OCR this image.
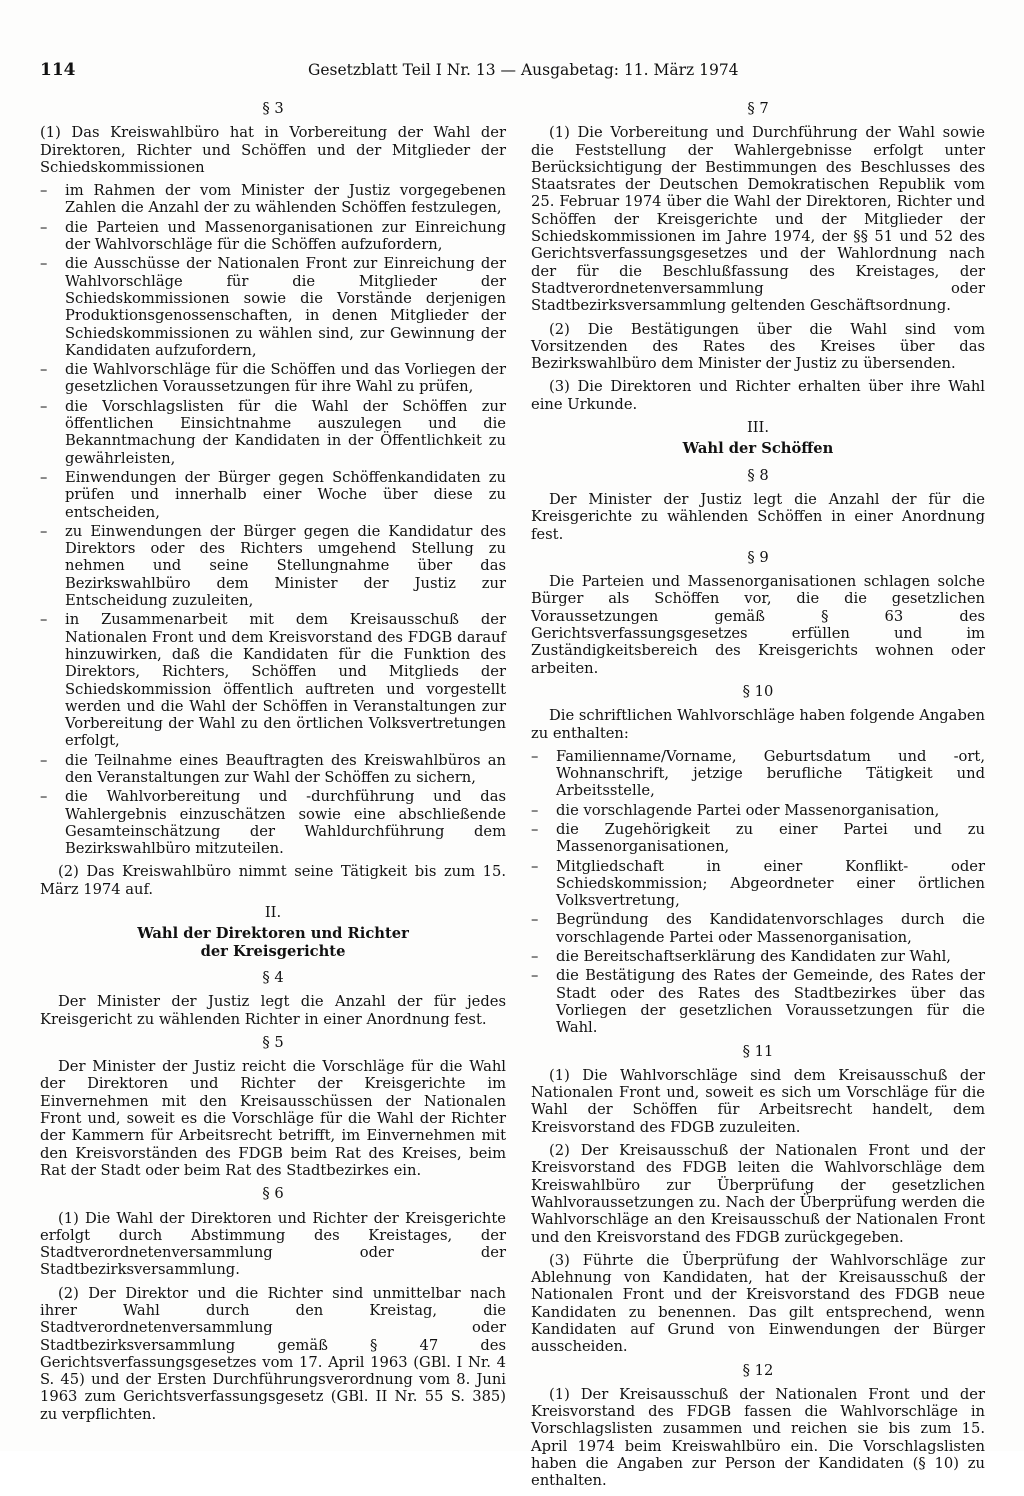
114	Gesetzblatt Teil I Nr. 13 — Ausgabetag: 11. März 1974
§ 3

(1) Das Kreiswahlbüro hat in Vorbereitung der Wahl der Direktoren, Richter und Schöffen und der Mitglieder der Schiedskommissionen

– im Rahmen der vom Minister der Justiz vorgegebenen Zahlen die Anzahl der zu wählenden Schöffen festzulegen,
– die Parteien und Massenorganisationen zur Einreichung der Wahlvorschläge für die Schöffen aufzufordern,
– die Ausschüsse der Nationalen Front zur Einreichung der Wahlvorschläge für die Mitglieder der Schiedskommissionen sowie die Vorstände derjenigen Produktionsgenossenschaften, in denen Mitglieder der Schiedskommissionen zu wählen sind, zur Gewinnung der Kandidaten aufzufordern,
– die Wahlvorschläge für die Schöffen und das Vorliegen der gesetzlichen Voraussetzungen für ihre Wahl zu prüfen,
– die Vorschlagslisten für die Wahl der Schöffen zur öffentlichen Einsichtnahme auszulegen und die Bekanntmachung der Kandidaten in der Öffentlichkeit zu gewährleisten,
– Einwendungen der Bürger gegen Schöffenkandidaten zu prüfen und innerhalb einer Woche über diese zu entscheiden,
– zu Einwendungen der Bürger gegen die Kandidatur des Direktors oder des Richters umgehend Stellung zu nehmen und seine Stellungnahme über das Bezirkswahlbüro dem Minister der Justiz zur Entscheidung zuzuleiten,
– in Zusammenarbeit mit dem Kreisausschuß der Nationalen Front und dem Kreisvorstand des FDGB darauf hinzuwirken, daß die Kandidaten für die Funktion des Direktors, Richters, Schöffen und Mitglieds der Schiedskommission öffentlich auftreten und vorgestellt werden und die Wahl der Schöffen in Veranstaltungen zur Vorbereitung der Wahl zu den örtlichen Volksvertretungen erfolgt,
– die Teilnahme eines Beauftragten des Kreiswahlbüros an den Veranstaltungen zur Wahl der Schöffen zu sichern,
– die Wahlvorbereitung und -durchführung und das Wahlergebnis einzuschätzen sowie eine abschließende Gesamteinschätzung der Wahldurchführung dem Bezirkswahlbüro mitzuteilen.

(2) Das Kreiswahlbüro nimmt seine Tätigkeit bis zum 15. März 1974 auf.

II.
Wahl der Direktoren und Richter
der Kreisgerichte
§ 4

Der Minister der Justiz legt die Anzahl der für jedes Kreisgericht zu wählenden Richter in einer Anordnung fest.

§ 5

Der Minister der Justiz reicht die Vorschläge für die Wahl der Direktoren und Richter der Kreisgerichte im Einvernehmen mit den Kreisausschüssen der Nationalen Front und, soweit es die Vorschläge für die Wahl der Richter der Kammern für Arbeitsrecht betrifft, im Einvernehmen mit den Kreisvorständen des FDGB beim Rat des Kreises, beim Rat der Stadt oder beim Rat des Stadtbezirkes ein.

§ 6

(1) Die Wahl der Direktoren und Richter der Kreisgerichte erfolgt durch Abstimmung des Kreistages, der Stadtverordnetenversammlung oder der Stadtbezirksversammlung.

(2) Der Direktor und die Richter sind unmittelbar nach ihrer Wahl durch den Kreistag, die Stadtverordnetenversammlung oder Stadtbezirksversammlung gemäß § 47 des Gerichtsverfassungsgesetzes vom 17. April 1963 (GBl. I Nr. 4 S. 45) und der Ersten Durchführungsverordnung vom 8. Juni 1963 zum Gerichtsverfassungsgesetz (GBl. II Nr. 55 S. 385) zu verpflichten.

§ 7

(1) Die Vorbereitung und Durchführung der Wahl sowie die Feststellung der Wahlergebnisse erfolgt unter Berücksichtigung der Bestimmungen des Beschlusses des Staatsrates der Deutschen Demokratischen Republik vom 25. Februar 1974 über die Wahl der Direktoren, Richter und Schöffen der Kreisgerichte und der Mitglieder der Schiedskommissionen im Jahre 1974, der §§ 51 und 52 des Gerichtsverfassungsgesetzes und der Wahlordnung nach der für die Beschlußfassung des Kreistages, der Stadtverordnetenversammlung oder Stadtbezirksversammlung geltenden Geschäftsordnung.

(2) Die Bestätigungen über die Wahl sind vom Vorsitzenden des Rates des Kreises über das Bezirkswahlbüro dem Minister der Justiz zu übersenden.

(3) Die Direktoren und Richter erhalten über ihre Wahl eine Urkunde.

III.
Wahl der Schöffen
§ 8

Der Minister der Justiz legt die Anzahl der für die Kreisgerichte zu wählenden Schöffen in einer Anordnung fest.

§ 9

Die Parteien und Massenorganisationen schlagen solche Bürger als Schöffen vor, die die gesetzlichen Voraussetzungen gemäß § 63 des Gerichtsverfassungsgesetzes erfüllen und im Zuständigkeitsbereich des Kreisgerichts wohnen oder arbeiten.

§ 10

Die schriftlichen Wahlvorschläge haben folgende Angaben zu enthalten:

– Familienname/Vorname, Geburtsdatum und -ort, Wohnanschrift, jetzige berufliche Tätigkeit und Arbeitsstelle,
– die vorschlagende Partei oder Massenorganisation,
– die Zugehörigkeit zu einer Partei und zu Massenorganisationen,
– Mitgliedschaft in einer Konflikt- oder Schiedskommission; Abgeordneter einer örtlichen Volksvertretung,
– Begründung des Kandidatenvorschlages durch die vorschlagende Partei oder Massenorganisation,
– die Bereitschaftserklärung des Kandidaten zur Wahl,
– die Bestätigung des Rates der Gemeinde, des Rates der Stadt oder des Rates des Stadtbezirkes über das Vorliegen der gesetzlichen Voraussetzungen für die Wahl.
§ 11

(1) Die Wahlvorschläge sind dem Kreisausschuß der Nationalen Front und, soweit es sich um Vorschläge für die Wahl der Schöffen für Arbeitsrecht handelt, dem Kreisvorstand des FDGB zuzuleiten.

(2) Der Kreisausschuß der Nationalen Front und der Kreisvorstand des FDGB leiten die Wahlvorschläge dem Kreiswahlbüro zur Überprüfung der gesetzlichen Wahlvoraussetzungen zu. Nach der Überprüfung werden die Wahlvorschläge an den Kreisausschuß der Nationalen Front und den Kreisvorstand des FDGB zurückgegeben.

(3) Führte die Überprüfung der Wahlvorschläge zur Ablehnung von Kandidaten, hat der Kreisausschuß der Nationalen Front und der Kreisvorstand des FDGB neue Kandidaten zu benennen. Das gilt entsprechend, wenn Kandidaten auf Grund von Einwendungen der Bürger ausscheiden.

§ 12

(1) Der Kreisausschuß der Nationalen Front und der Kreisvorstand des FDGB fassen die Wahlvorschläge in Vorschlagslisten zusammen und reichen sie bis zum 15. April 1974 beim Kreiswahlbüro ein. Die Vorschlagslisten haben die Angaben zur Person der Kandidaten (§ 10) zu enthalten.
